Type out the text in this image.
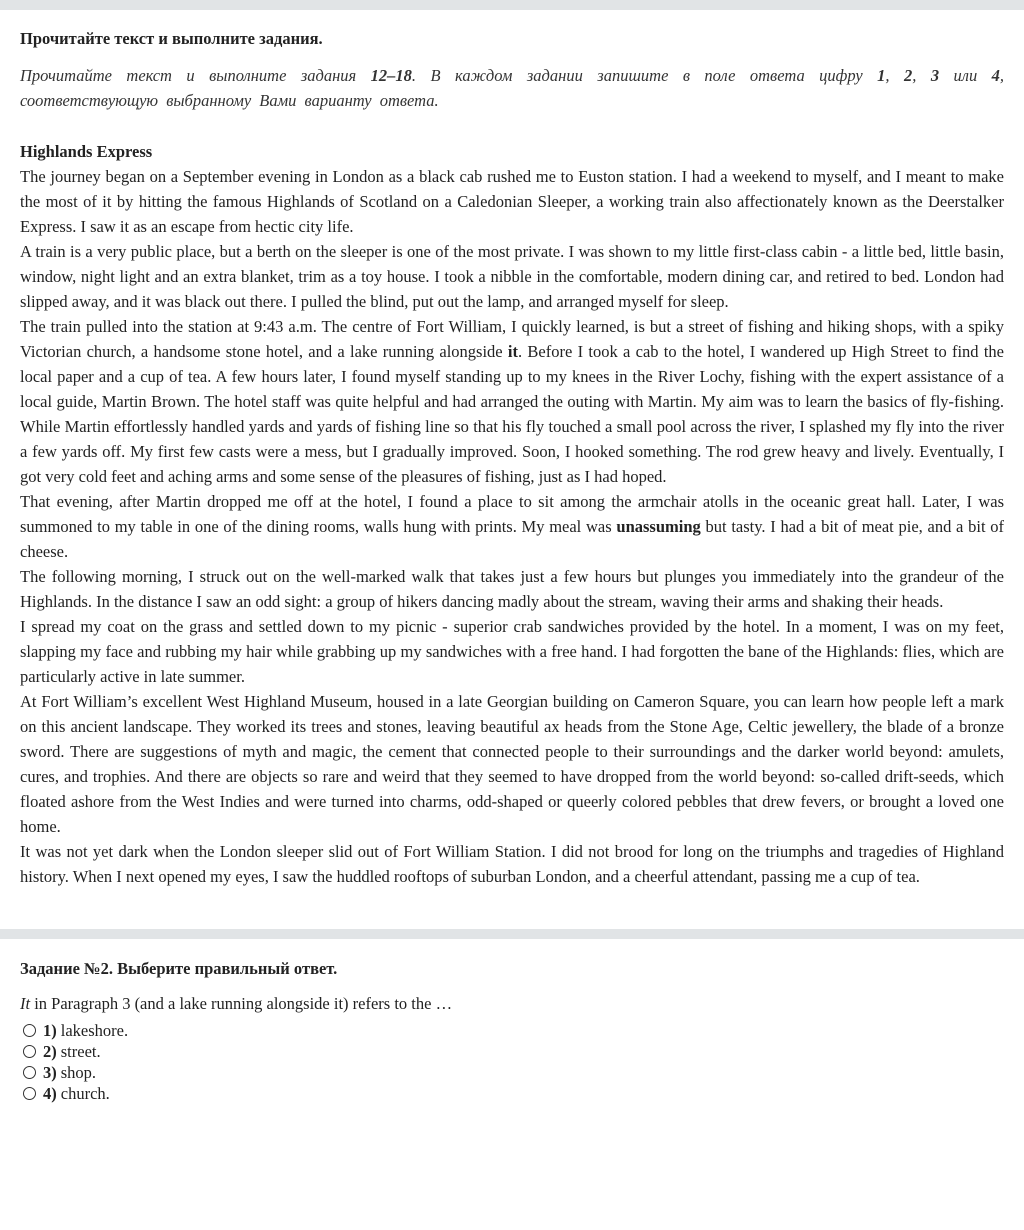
Прочитайте текст и выполните задания.

Прочитайте текст и выполните задания 12–18. В каждом задании запишите в поле ответа цифру 1, 2, 3 или 4, соответствующую выбранному Вами варианту ответа.

Highlands Express

The journey began on a September evening in London as a black cab rushed me to Euston station. I had a weekend to myself, and I meant to make the most of it by hitting the famous Highlands of Scotland on a Caledonian Sleeper, a working train also affectionately known as the Deerstalker Express. I saw it as an escape from hectic city life.

A train is a very public place, but a berth on the sleeper is one of the most private. I was shown to my little first-class cabin - a little bed, little basin, window, night light and an extra blanket, trim as a toy house. I took a nibble in the comfortable, modern dining car, and retired to bed. London had slipped away, and it was black out there. I pulled the blind, put out the lamp, and arranged myself for sleep.

The train pulled into the station at 9:43 a.m. The centre of Fort William, I quickly learned, is but a street of fishing and hiking shops, with a spiky Victorian church, a handsome stone hotel, and a lake running alongside it. Before I took a cab to the hotel, I wandered up High Street to find the local paper and a cup of tea. A few hours later, I found myself standing up to my knees in the River Lochy, fishing with the expert assistance of a local guide, Martin Brown. The hotel staff was quite helpful and had arranged the outing with Martin. My aim was to learn the basics of fly-fishing. While Martin effortlessly handled yards and yards of fishing line so that his fly touched a small pool across the river, I splashed my fly into the river a few yards off. My first few casts were a mess, but I gradually improved. Soon, I hooked something. The rod grew heavy and lively. Eventually, I got very cold feet and aching arms and some sense of the pleasures of fishing, just as I had hoped.

That evening, after Martin dropped me off at the hotel, I found a place to sit among the armchair atolls in the oceanic great hall. Later, I was summoned to my table in one of the dining rooms, walls hung with prints. My meal was unassuming but tasty. I had a bit of meat pie, and a bit of cheese.

The following morning, I struck out on the well-marked walk that takes just a few hours but plunges you immediately into the grandeur of the Highlands. In the distance I saw an odd sight: a group of hikers dancing madly about the stream, waving their arms and shaking their heads.

I spread my coat on the grass and settled down to my picnic - superior crab sandwiches provided by the hotel. In a moment, I was on my feet, slapping my face and rubbing my hair while grabbing up my sandwiches with a free hand. I had forgotten the bane of the Highlands: flies, which are particularly active in late summer.

At Fort William’s excellent West Highland Museum, housed in a late Georgian building on Cameron Square, you can learn how people left a mark on this ancient landscape. They worked its trees and stones, leaving beautiful ax heads from the Stone Age, Celtic jewellery, the blade of a bronze sword. There are suggestions of myth and magic, the cement that connected people to their surroundings and the darker world beyond: amulets, cures, and trophies. And there are objects so rare and weird that they seemed to have dropped from the world beyond: so-called drift-seeds, which floated ashore from the West Indies and were turned into charms, odd-shaped or queerly colored pebbles that drew fevers, or brought a loved one home.

It was not yet dark when the London sleeper slid out of Fort William Station. I did not brood for long on the triumphs and tragedies of Highland history. When I next opened my eyes, I saw the huddled rooftops of suburban London, and a cheerful attendant, passing me a cup of tea.

Задание №2. Выберите правильный ответ.

It in Paragraph 3 (and a lake running alongside it) refers to the …

1) lakeshore.
2) street.
3) shop.
4) church.
